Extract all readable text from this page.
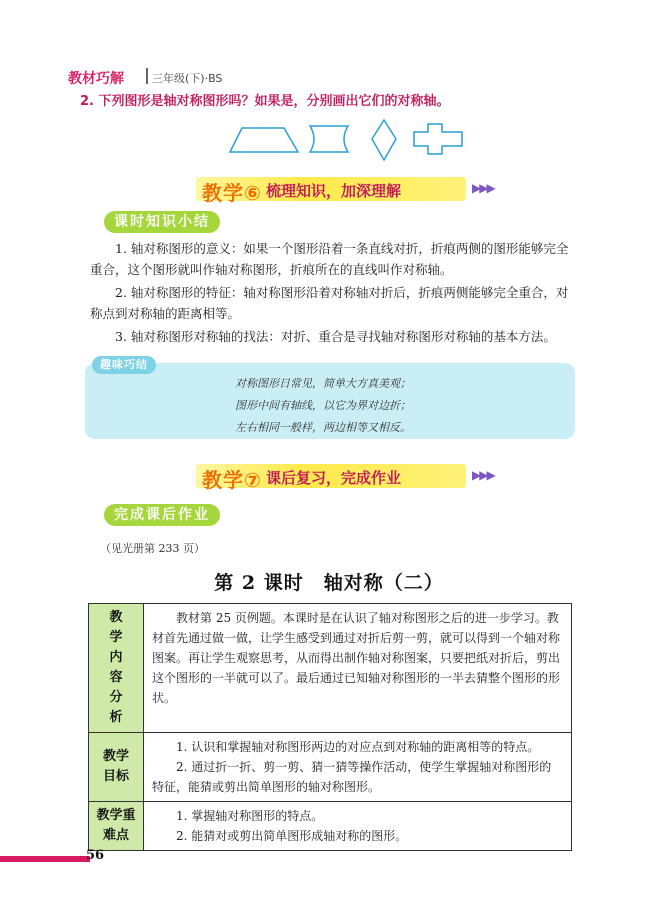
教材巧解	三年级(下)·BS
2. 下列图形是轴对称图形吗？如果是，分别画出它们的对称轴。
教学⑥ 梳理知识，加深理解	▶▶▶
课时知识小结
1. 轴对称图形的意义：如果一个图形沿着一条直线对折，折痕两侧的图形能够完全重合，这个图形就叫作轴对称图形，折痕所在的直线叫作对称轴。
2. 轴对称图形的特征：轴对称图形沿着对称轴对折后，折痕两侧能够完全重合，对称点到对称轴的距离相等。
3. 轴对称图形对称轴的找法：对折、重合是寻找轴对称图形对称轴的基本方法。
趣味巧结
对称图形日常见，简单大方真美观；
图形中间有轴线，以它为界对边折；
左右相同一般样，两边相等又相反。
教学⑦ 课后复习，完成作业	▶▶▶
完成课后作业
（见光册第 233 页）
第 2 课时　轴对称（二）
教学内容分析	教材第 25 页例题。本课时是在认识了轴对称图形之后的进一步学习。教材首先通过做一做，让学生感受到通过对折后剪一剪，就可以得到一个轴对称图案。再让学生观察思考，从而得出制作轴对称图案，只要把纸对折后，剪出这个图形的一半就可以了。最后通过已知轴对称图形的一半去猜整个图形的形状。

教学目标	1. 认识和掌握轴对称图形两边的对应点到对称轴的距离相等的特点。

2. 通过折一折、剪一剪、猜一猜等操作活动，使学生掌握轴对称图形的特征，能猜或剪出简单图形的轴对称图形。

教学重难点	1. 掌握轴对称图形的特点。

2. 能猜对或剪出简单图形成轴对称的图形。

56
